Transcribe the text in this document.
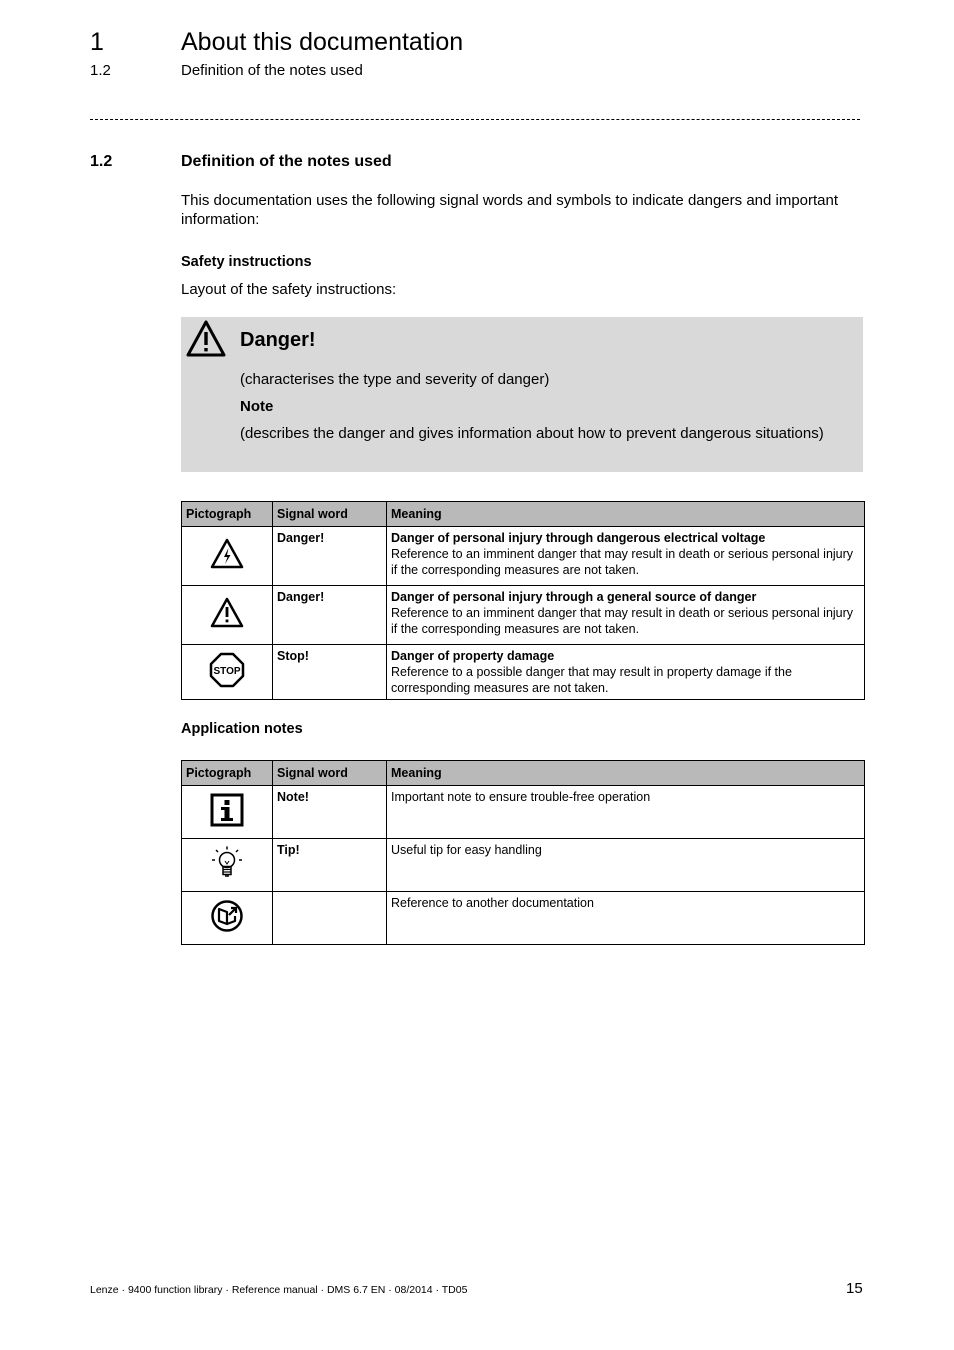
1	About this documentation
1.2	Definition of the notes used
1.2	Definition of the notes used
This documentation uses the following signal words and symbols to indicate dangers and important information:
Safety instructions
Layout of the safety instructions:
Danger!
(characterises the type and severity of danger)
Note
(describes the danger and gives information about how to prevent dangerous situations)
Pictograph	Signal word	Meaning
	Danger!	Danger of personal injury through dangerous electrical voltage
Reference to an imminent danger that may result in death or serious personal injury if the corresponding measures are not taken.

	Danger!	Danger of personal injury through a general source of danger
Reference to an imminent danger that may result in death or serious personal injury if the corresponding measures are not taken.

STOP	Stop!	Danger of property damage
Reference to a possible danger that may result in property damage if the corresponding measures are not taken.
Application notes
Pictograph	Signal word	Meaning
	Note!	Important note to ensure trouble-free operation
	Tip!	Useful tip for easy handling
		Reference to another documentation
Lenze · 9400 function library · Reference manual · DMS 6.7 EN · 08/2014 · TD05	15
